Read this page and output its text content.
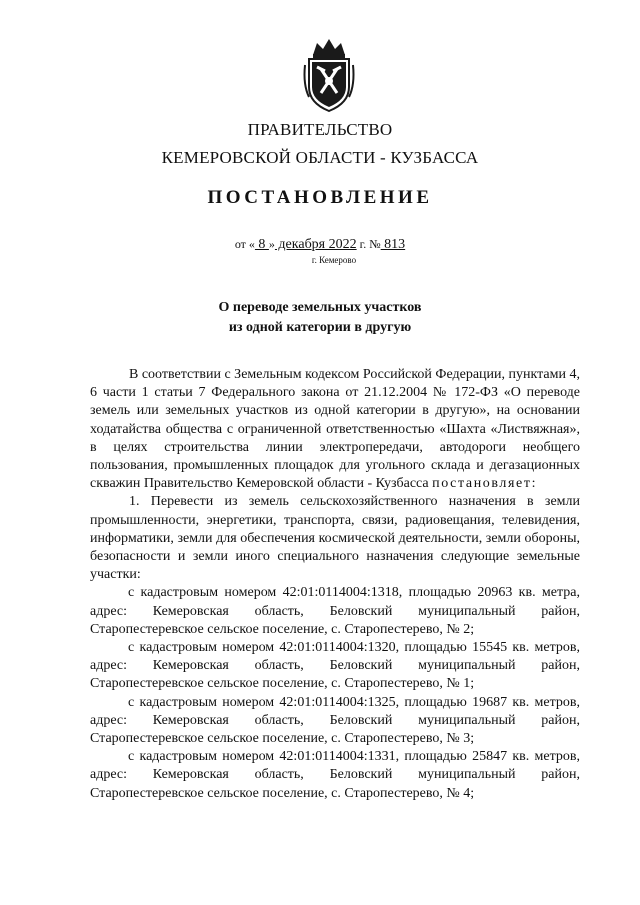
ПРАВИТЕЛЬСТВО
КЕМЕРОВСКОЙ ОБЛАСТИ - КУЗБАССА
ПОСТАНОВЛЕНИЕ
от « 8 » декабря 2022 г. № 813
г. Кемерово
О переводе земельных участков
из одной категории в другую

В соответствии с Земельным кодексом Российской Федерации, пунктами 4, 6 части 1 статьи 7 Федерального закона от 21.12.2004 № 172-ФЗ «О переводе земель или земельных участков из одной категории в другую», на основании ходатайства общества с ограниченной ответственностью «Шахта «Листвяжная», в целях строительства линии электропередачи, автодороги необщего пользования, промышленных площадок для угольного склада и дегазационных скважин Правительство Кемеровской области - Кузбасса постановляет:

1. Перевести из земель сельскохозяйственного назначения в земли промышленности, энергетики, транспорта, связи, радиовещания, телевидения, информатики, земли для обеспечения космической деятельности, земли обороны, безопасности и земли иного специального назначения следующие земельные участки:

с кадастровым номером 42:01:0114004:1318, площадью 20963 кв. метра, адрес: Кемеровская область, Беловский муниципальный район, Старопестеревское сельское поселение, с. Старопестерево, № 2;

с кадастровым номером 42:01:0114004:1320, площадью 15545 кв. метров, адрес: Кемеровская область, Беловский муниципальный район, Старопестеревское сельское поселение, с. Старопестерево, № 1;

с кадастровым номером 42:01:0114004:1325, площадью 19687 кв. метров, адрес: Кемеровская область, Беловский муниципальный район, Старопестеревское сельское поселение, с. Старопестерево, № 3;

с кадастровым номером 42:01:0114004:1331, площадью 25847 кв. метров, адрес: Кемеровская область, Беловский муниципальный район, Старопестеревское сельское поселение, с. Старопестерево, № 4;
